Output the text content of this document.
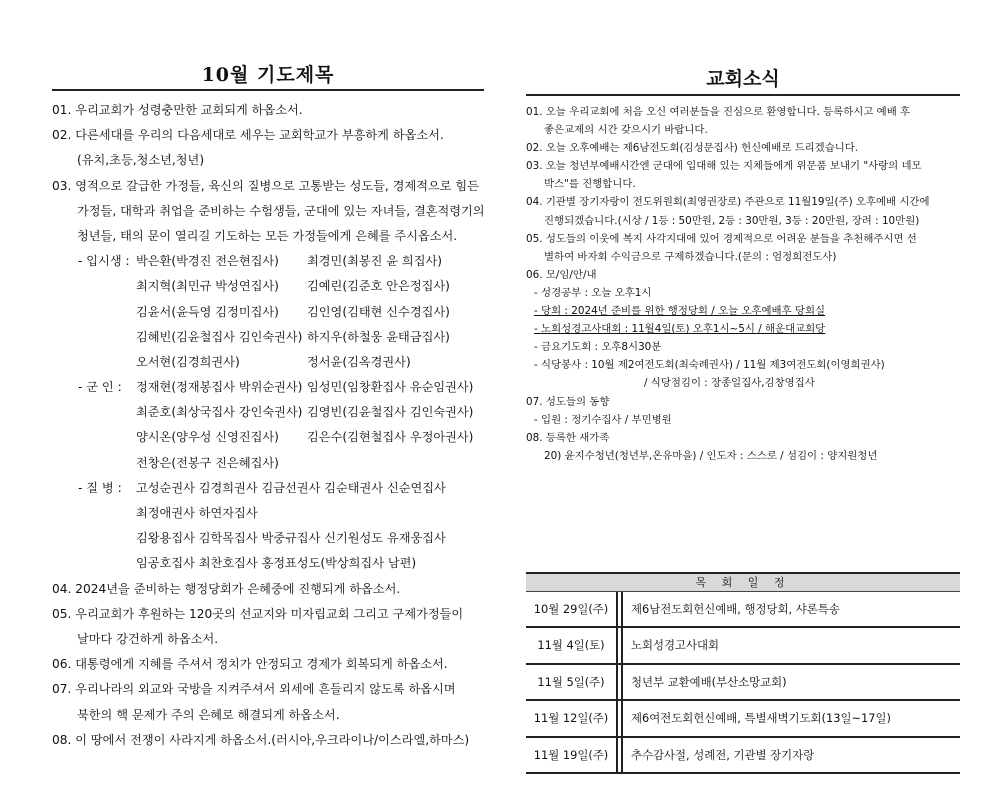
10월 기도제목
01. 우리교회가 성령충만한 교회되게 하옵소서.
02. 다른세대를 우리의 다음세대로 세우는 교회학교가 부흥하게 하옵소서.
(유치,초등,청소년,청년)
03. 영적으로 갈급한 가정들, 육신의 질병으로 고통받는 성도들, 경제적으로 힘든
가정들, 대학과 취업을 준비하는 수험생들, 군대에 있는 자녀들, 결혼적령기의
청년들, 태의 문이 열리길 기도하는 모든 가정들에게 은혜를 주시옵소서.
- 입시생 : 박은환(박경진 전은현집사)	최경민(최봉진 윤 희집사)
최지혁(최민규 박성연집사)	김예린(김준호 안은정집사)
김윤서(윤득영 김정미집사)	김인영(김태현 신수경집사)
김혜빈(김윤철집사 김인숙권사) 하지우(하철웅 윤태금집사)
오서현(김경희권사)	정서윤(김옥경권사)
- 군 인 :	정재현(정재봉집사 박위순권사) 임성민(임창환집사 유순임권사)
최준호(최상국집사 강인숙권사) 김영빈(김윤철집사 김인숙권사)
양시온(양우성 신영진집사)	김은수(김현철집사 우정아권사)
전창은(전봉구 진은혜집사)
- 질 병 :	고성순권사 김경희권사 김금선권사 김순태권사 신순연집사
최정애권사 하연자집사
김왕용집사 김학목집사 박중규집사 신기원성도 유재웅집사
임공호집사 최찬호집사 홍정표성도(박상희집사 남편)
04. 2024년을 준비하는 행정당회가 은혜중에 진행되게 하옵소서.
05. 우리교회가 후원하는 120곳의 선교지와 미자립교회 그리고 구제가정들이
날마다 강건하게 하옵소서.
06. 대통령에게 지혜를 주셔서 정치가 안정되고 경제가 회복되게 하옵소서.
07. 우리나라의 외교와 국방을 지켜주셔서 외세에 흔들리지 않도록 하옵시며
북한의 핵 문제가 주의 은혜로 해결되게 하옵소서.
08. 이 땅에서 전쟁이 사라지게 하옵소서.(러시아,우크라이나/이스라엘,하마스)
교회소식
01. 오늘 우리교회에 처음 오신 여러분들을 진심으로 환영합니다. 등록하시고 예배 후
좋은교제의 시간 갖으시기 바랍니다.
02. 오늘 오후예배는 제6남전도회(김성문집사) 헌신예배로 드리겠습니다.
03. 오늘 청년부예배시간엔 군대에 입대해 있는 지체들에게 위문품 보내기 "사랑의 네모
박스"를 진행합니다.
04. 기관별 장기자랑이 전도위원회(최영권장로) 주관으로 11월19일(주) 오후예배 시간에
진행되겠습니다.(시상 / 1등 : 50만원, 2등 : 30만원, 3등 : 20만원, 장려 : 10만원)
05. 성도들의 이웃에 복지 사각지대에 있어 경제적으로 어려운 분들을 추천해주시면 선
별하여 바자회 수익금으로 구제하겠습니다.(문의 : 엄정희전도사)
06. 모/임/안/내
- 성경공부 : 오늘 오후1시
- 당회 : 2024년 준비를 위한 행정당회 / 오늘 오후예배후 당회실
- 노회성경고사대회 : 11월4일(토) 오후1시~5시 / 해운대교회당
- 금요기도회 : 오후8시30분
- 식당봉사 : 10월 제2여전도회(최숙례권사) / 11월 제3여전도회(이영희권사)
/ 식당점김이 : 장종일집사,김창영집사
07. 성도들의 동향
- 입원 : 정기수집사 / 부민병원
08. 등록한 새가족
20) 윤지수청년(청년부,온유마을) / 인도자 : 스스로 / 섬김이 : 양지원청년
목 회 일 정
10월 29일(주)	제6남전도회헌신예배, 행정당회, 샤론특송
11월 4일(토)	노회성경고사대회
11월 5일(주)	청년부 교환예배(부산소망교회)
11월 12일(주)	제6여전도회헌신예배, 특별새벽기도회(13일~17일)
11월 19일(주)	추수감사절, 성례전, 기관별 장기자랑
